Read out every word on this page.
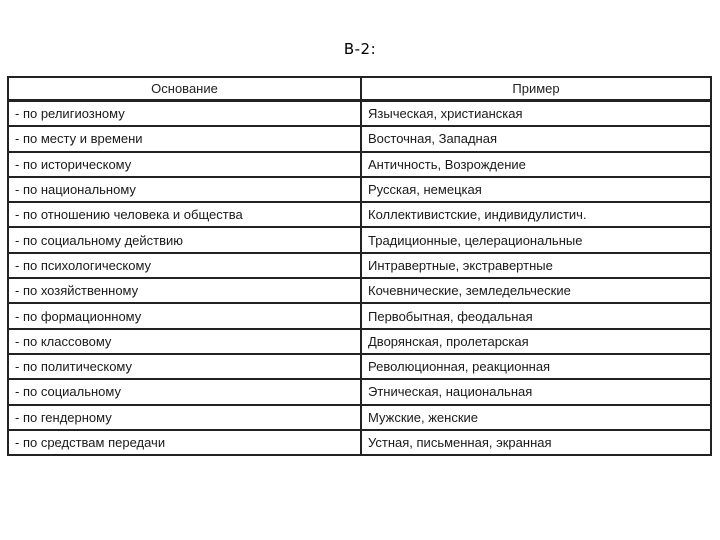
В-2:
Основание	Пример
- по религиозному	Языческая, христианская
- по месту и времени	Восточная, Западная
- по историческому	Античность, Возрождение
- по национальному	Русская, немецкая
- по отношению человека и общества	Коллективистские, индивидулистич.
- по социальному действию	Традиционные, целерациональные
- по психологическому	Интравертные, экстравертные
- по хозяйственному	Кочевнические, земледельческие
- по формационному	Первобытная, феодальная
- по классовому	Дворянская, пролетарская
- по политическому	Революционная, реакционная
- по социальному	Этническая, национальная
- по гендерному	Мужские, женские
- по средствам передачи	Устная, письменная, экранная
